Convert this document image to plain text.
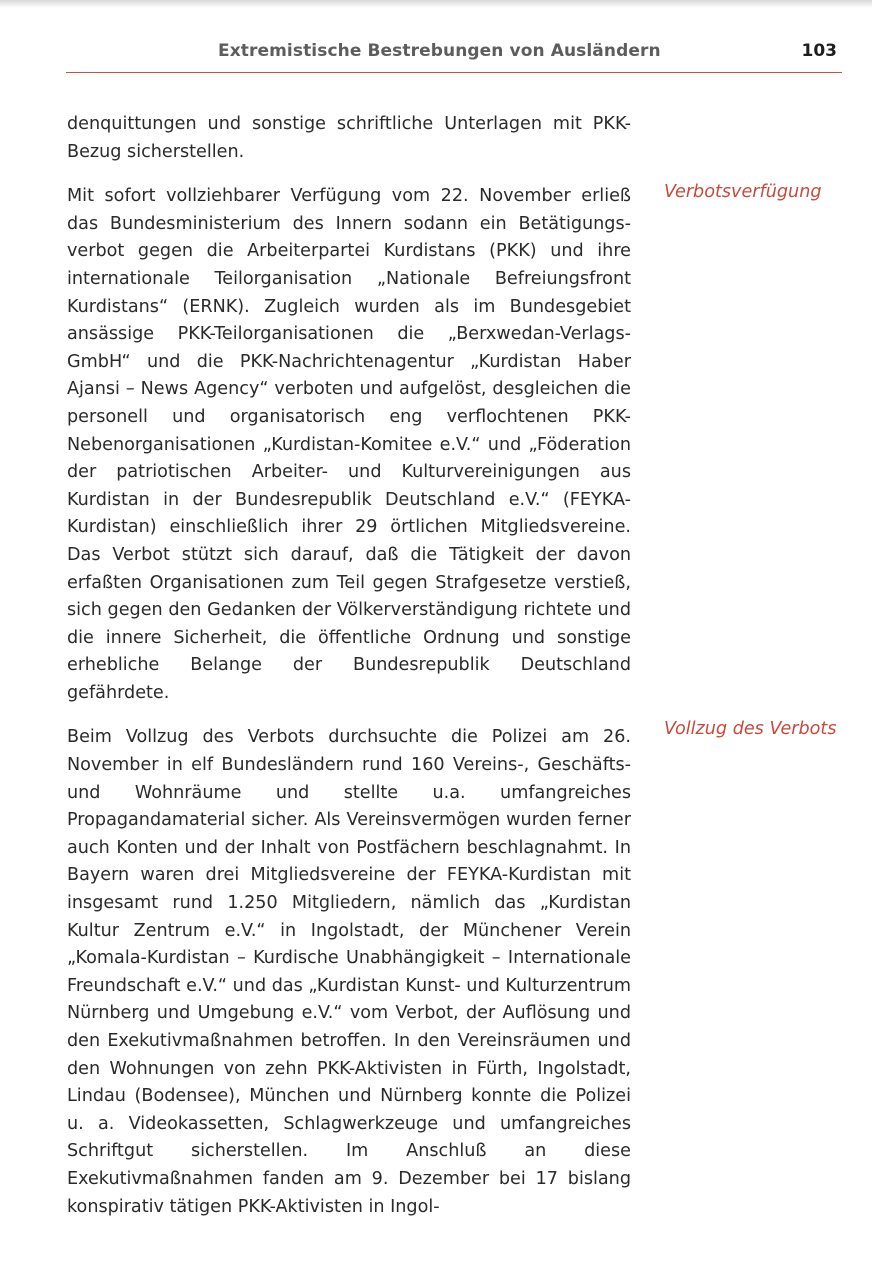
Extremistische Bestrebungen von Ausländern	103

denquittungen und sonstige schriftliche Unterlagen mit PKK-Bezug sicherstellen.

Mit sofort vollziehbarer Verfügung vom 22. November erließ das Bundesministerium des Innern sodann ein Betätigungsverbot gegen die Arbeiterpartei Kurdistans (PKK) und ihre internationale Teilorganisation „Nationale Befreiungsfront Kurdistans“ (ERNK). Zugleich wurden als im Bundesgebiet ansässige PKK-Teilorganisationen die „Berxwedan-Verlags-GmbH“ und die PKK-Nachrichtenagentur „Kurdistan Haber Ajansi – News Agency“ verboten und aufgelöst, desgleichen die personell und organisatorisch eng verflochtenen PKK-Nebenorganisationen „Kurdistan-Komitee e.V.“ und „Föderation der patriotischen Arbeiter- und Kulturvereinigungen aus Kurdistan in der Bundesrepublik Deutschland e.V.“ (FEYKA-Kurdistan) einschließlich ihrer 29 örtlichen Mitgliedsvereine. Das Verbot stützt sich darauf, daß die Tätigkeit der davon erfaßten Organisationen zum Teil gegen Strafgesetze verstieß, sich gegen den Gedanken der Völkerverständigung richtete und die innere Sicherheit, die öffentliche Ordnung und sonstige erhebliche Belange der Bundesrepublik Deutschland gefährdete.

Beim Vollzug des Verbots durchsuchte die Polizei am 26. November in elf Bundesländern rund 160 Vereins-, Geschäfts- und Wohnräume und stellte u.a. umfangreiches Propagandamaterial sicher. Als Vereinsvermögen wurden ferner auch Konten und der Inhalt von Postfächern beschlagnahmt. In Bayern waren drei Mitgliedsvereine der FEYKA-Kurdistan mit insgesamt rund 1.250 Mitgliedern, nämlich das „Kurdistan Kultur Zentrum e.V.“ in Ingolstadt, der Münchener Verein „Komala-Kurdistan – Kurdische Unabhängigkeit – Internationale Freundschaft e.V.“ und das „Kurdistan Kunst- und Kulturzentrum Nürnberg und Umgebung e.V.“ vom Verbot, der Auflösung und den Exekutivmaßnahmen betroffen. In den Vereinsräumen und den Wohnungen von zehn PKK-Aktivisten in Fürth, Ingolstadt, Lindau (Bodensee), München und Nürnberg konnte die Polizei u. a. Videokassetten, Schlagwerkzeuge und umfangreiches Schriftgut sicherstellen. Im Anschluß an diese Exekutivmaßnahmen fanden am 9. Dezember bei 17 bislang konspirativ tätigen PKK-Aktivisten in Ingol-

Verbotsverfügung
Vollzug des Verbots
